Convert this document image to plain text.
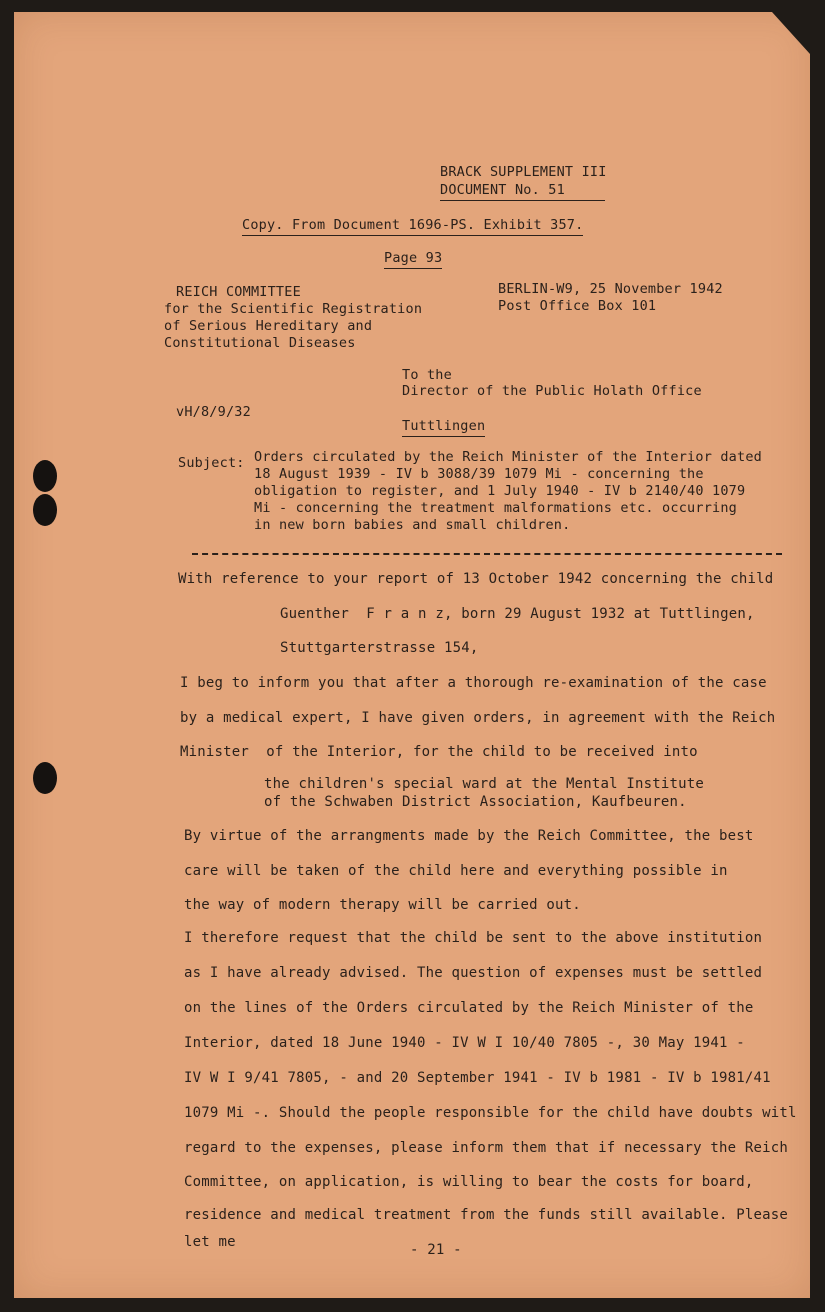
BRACK SUPPLEMENT III
DOCUMENT No. 51
Copy. From Document 1696-PS. Exhibit 357.
Page 93
REICH COMMITTEE
for the Scientific Registration
of Serious Hereditary and
Constitutional Diseases
BERLIN-W9, 25 November 1942
Post Office Box 101
To the
Director of the Public Holath Office
vH/8/9/32
Tuttlingen
Subject: Orders circulated by the Reich Minister of the Interior dated
18 August 1939 - IV b 3088/39 1079 Mi - concerning the
obligation to register, and 1 July 1940 - IV b 2140/40 1079
Mi - concerning the treatment malformations etc. occurring
in new born babies and small children.
With reference to your report of 13 October 1942 concerning the child
Guenther  F r a n z, born 29 August 1932 at Tuttlingen,
Stuttgarterstrasse 154,
I beg to inform you that after a thorough re-examination of the case
by a medical expert, I have given orders, in agreement with the Reich
Minister  of the Interior, for the child to be received into
the children's special ward at the Mental Institute
of the Schwaben District Association, Kaufbeuren.
By virtue of the arrangments made by the Reich Committee, the best
care will be taken of the child here and everything possible in
the way of modern therapy will be carried out.
I therefore request that the child be sent to the above institution
as I have already advised. The question of expenses must be settled
on the lines of the Orders circulated by the Reich Minister of the
Interior, dated 18 June 1940 - IV W I 10/40 7805 -, 30 May 1941 -
IV W I 9/41 7805, - and 20 September 1941 - IV b 1981 - IV b 1981/41
1079 Mi -. Should the people responsible for the child have doubts witl
regard to the expenses, please inform them that if necessary the Reich
Committee, on application, is willing to bear the costs for board,
residence and medical treatment from the funds still available. Please
let me	- 21 -
